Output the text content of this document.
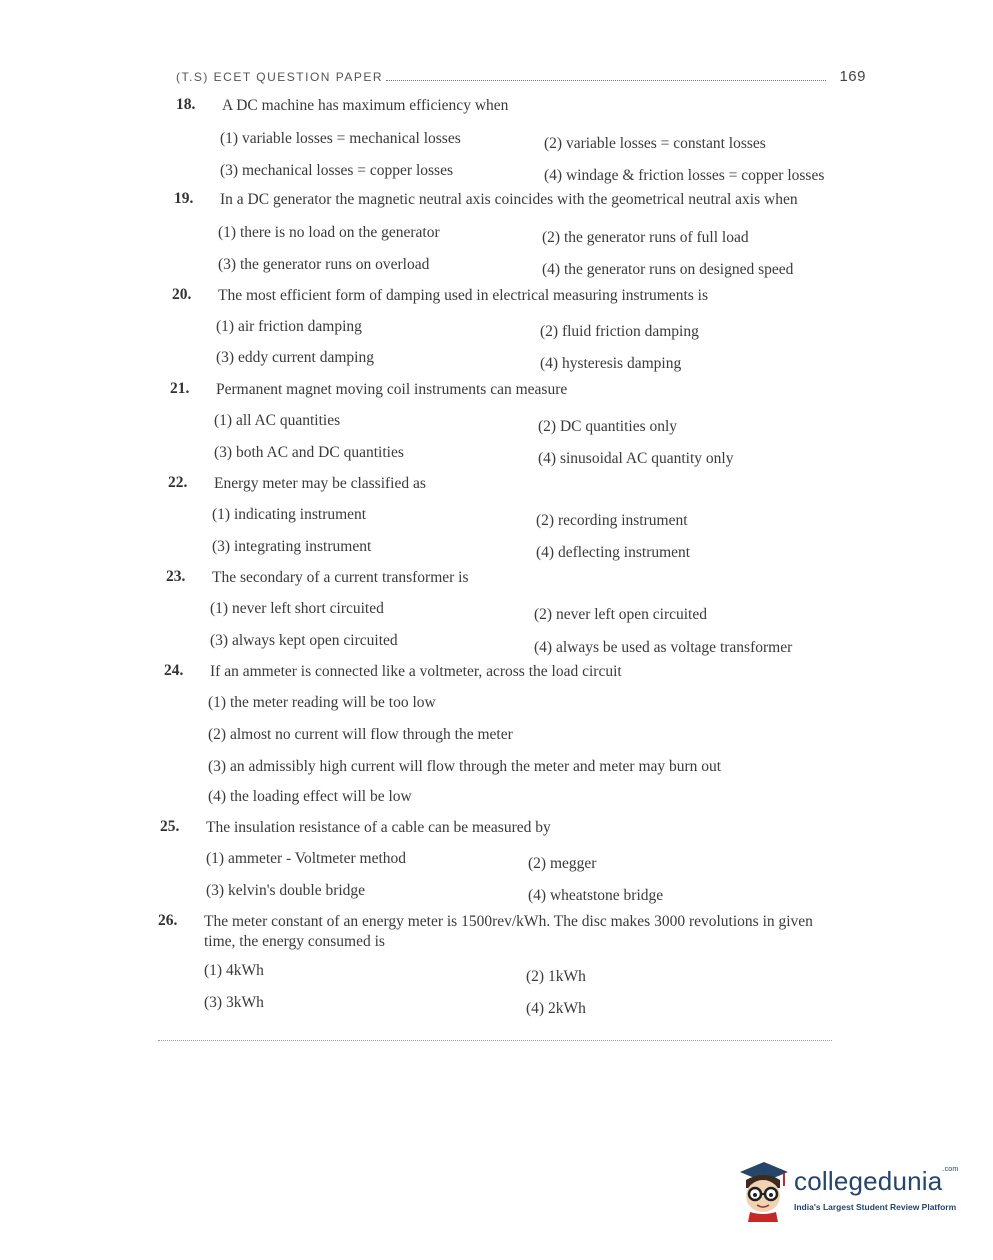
(T.S) ECET QUESTION PAPER	169
18. A DC machine has maximum efficiency when
(1) variable losses = mechanical losses	(2) variable losses = constant losses
(3) mechanical losses = copper losses	(4) windage & friction losses = copper losses
19. In a DC generator the magnetic neutral axis coincides with the geometrical neutral axis when
(1) there is no load on the generator	(2) the generator runs of full load
(3) the generator runs on overload	(4) the generator runs on designed speed
20. The most efficient form of damping used in electrical measuring instruments is
(1) air friction damping	(2) fluid friction damping
(3) eddy current damping	(4) hysteresis damping
21. Permanent magnet moving coil instruments can measure
(1) all AC quantities	(2) DC quantities only
(3) both AC and DC quantities	(4) sinusoidal AC quantity only
22. Energy meter may be classified as
(1) indicating instrument	(2) recording instrument
(3) integrating instrument	(4) deflecting instrument
23. The secondary of a current transformer is
(1) never left short circuited	(2) never left open circuited
(3) always kept open circuited	(4) always be used as voltage transformer
24. If an ammeter is connected like a voltmeter, across the load circuit
(1) the meter reading will be too low
(2) almost no current will flow through the meter
(3) an admissibly high current will flow through the meter and meter may burn out
(4) the loading effect will be low
25. The insulation resistance of a cable can be measured by
(1) ammeter - Voltmeter method	(2) megger
(3) kelvin's double bridge	(4) wheatstone bridge
26. The meter constant of an energy meter is 1500rev/kWh. The disc makes 3000 revolutions in given time, the energy consumed is
(1) 4kWh	(2) 1kWh
(3) 3kWh	(4) 2kWh
collegedunia$^{.com}$
India's Largest Student Review Platform
